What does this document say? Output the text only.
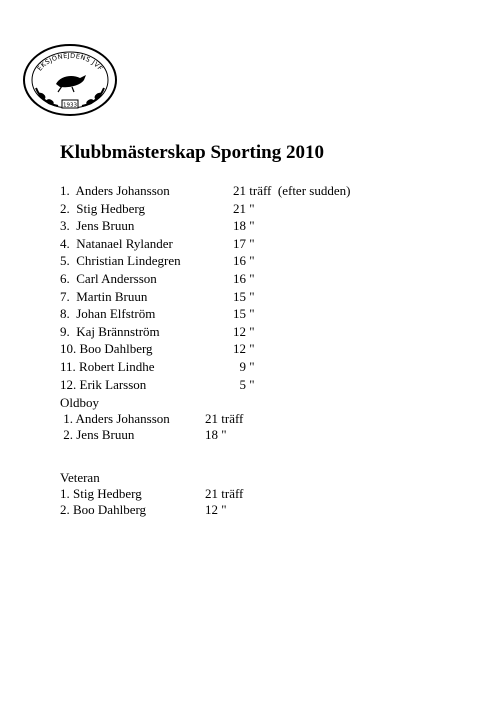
EKSJÖNEJDENS JVF
1933
Klubbmästerskap Sporting 2010
1.  Anders Johansson	21 träff  (efter sudden)
2.  Stig Hedberg	21 "
3.  Jens Bruun	18 "
4.  Natanael Rylander	17 "
5.  Christian Lindegren	16 "
6.  Carl Andersson	16 "
7.  Martin Bruun	15 "
8.  Johan Elfström	15 "
9.  Kaj Brännström	12 "
10. Boo Dahlberg	12 "
11. Robert Lindhe	9 "
12. Erik Larsson	5 "
Oldboy
1. Anders Johansson	21 träff
2. Jens Bruun	18 "
Veteran
1. Stig Hedberg	21 träff
2. Boo Dahlberg	12 "
